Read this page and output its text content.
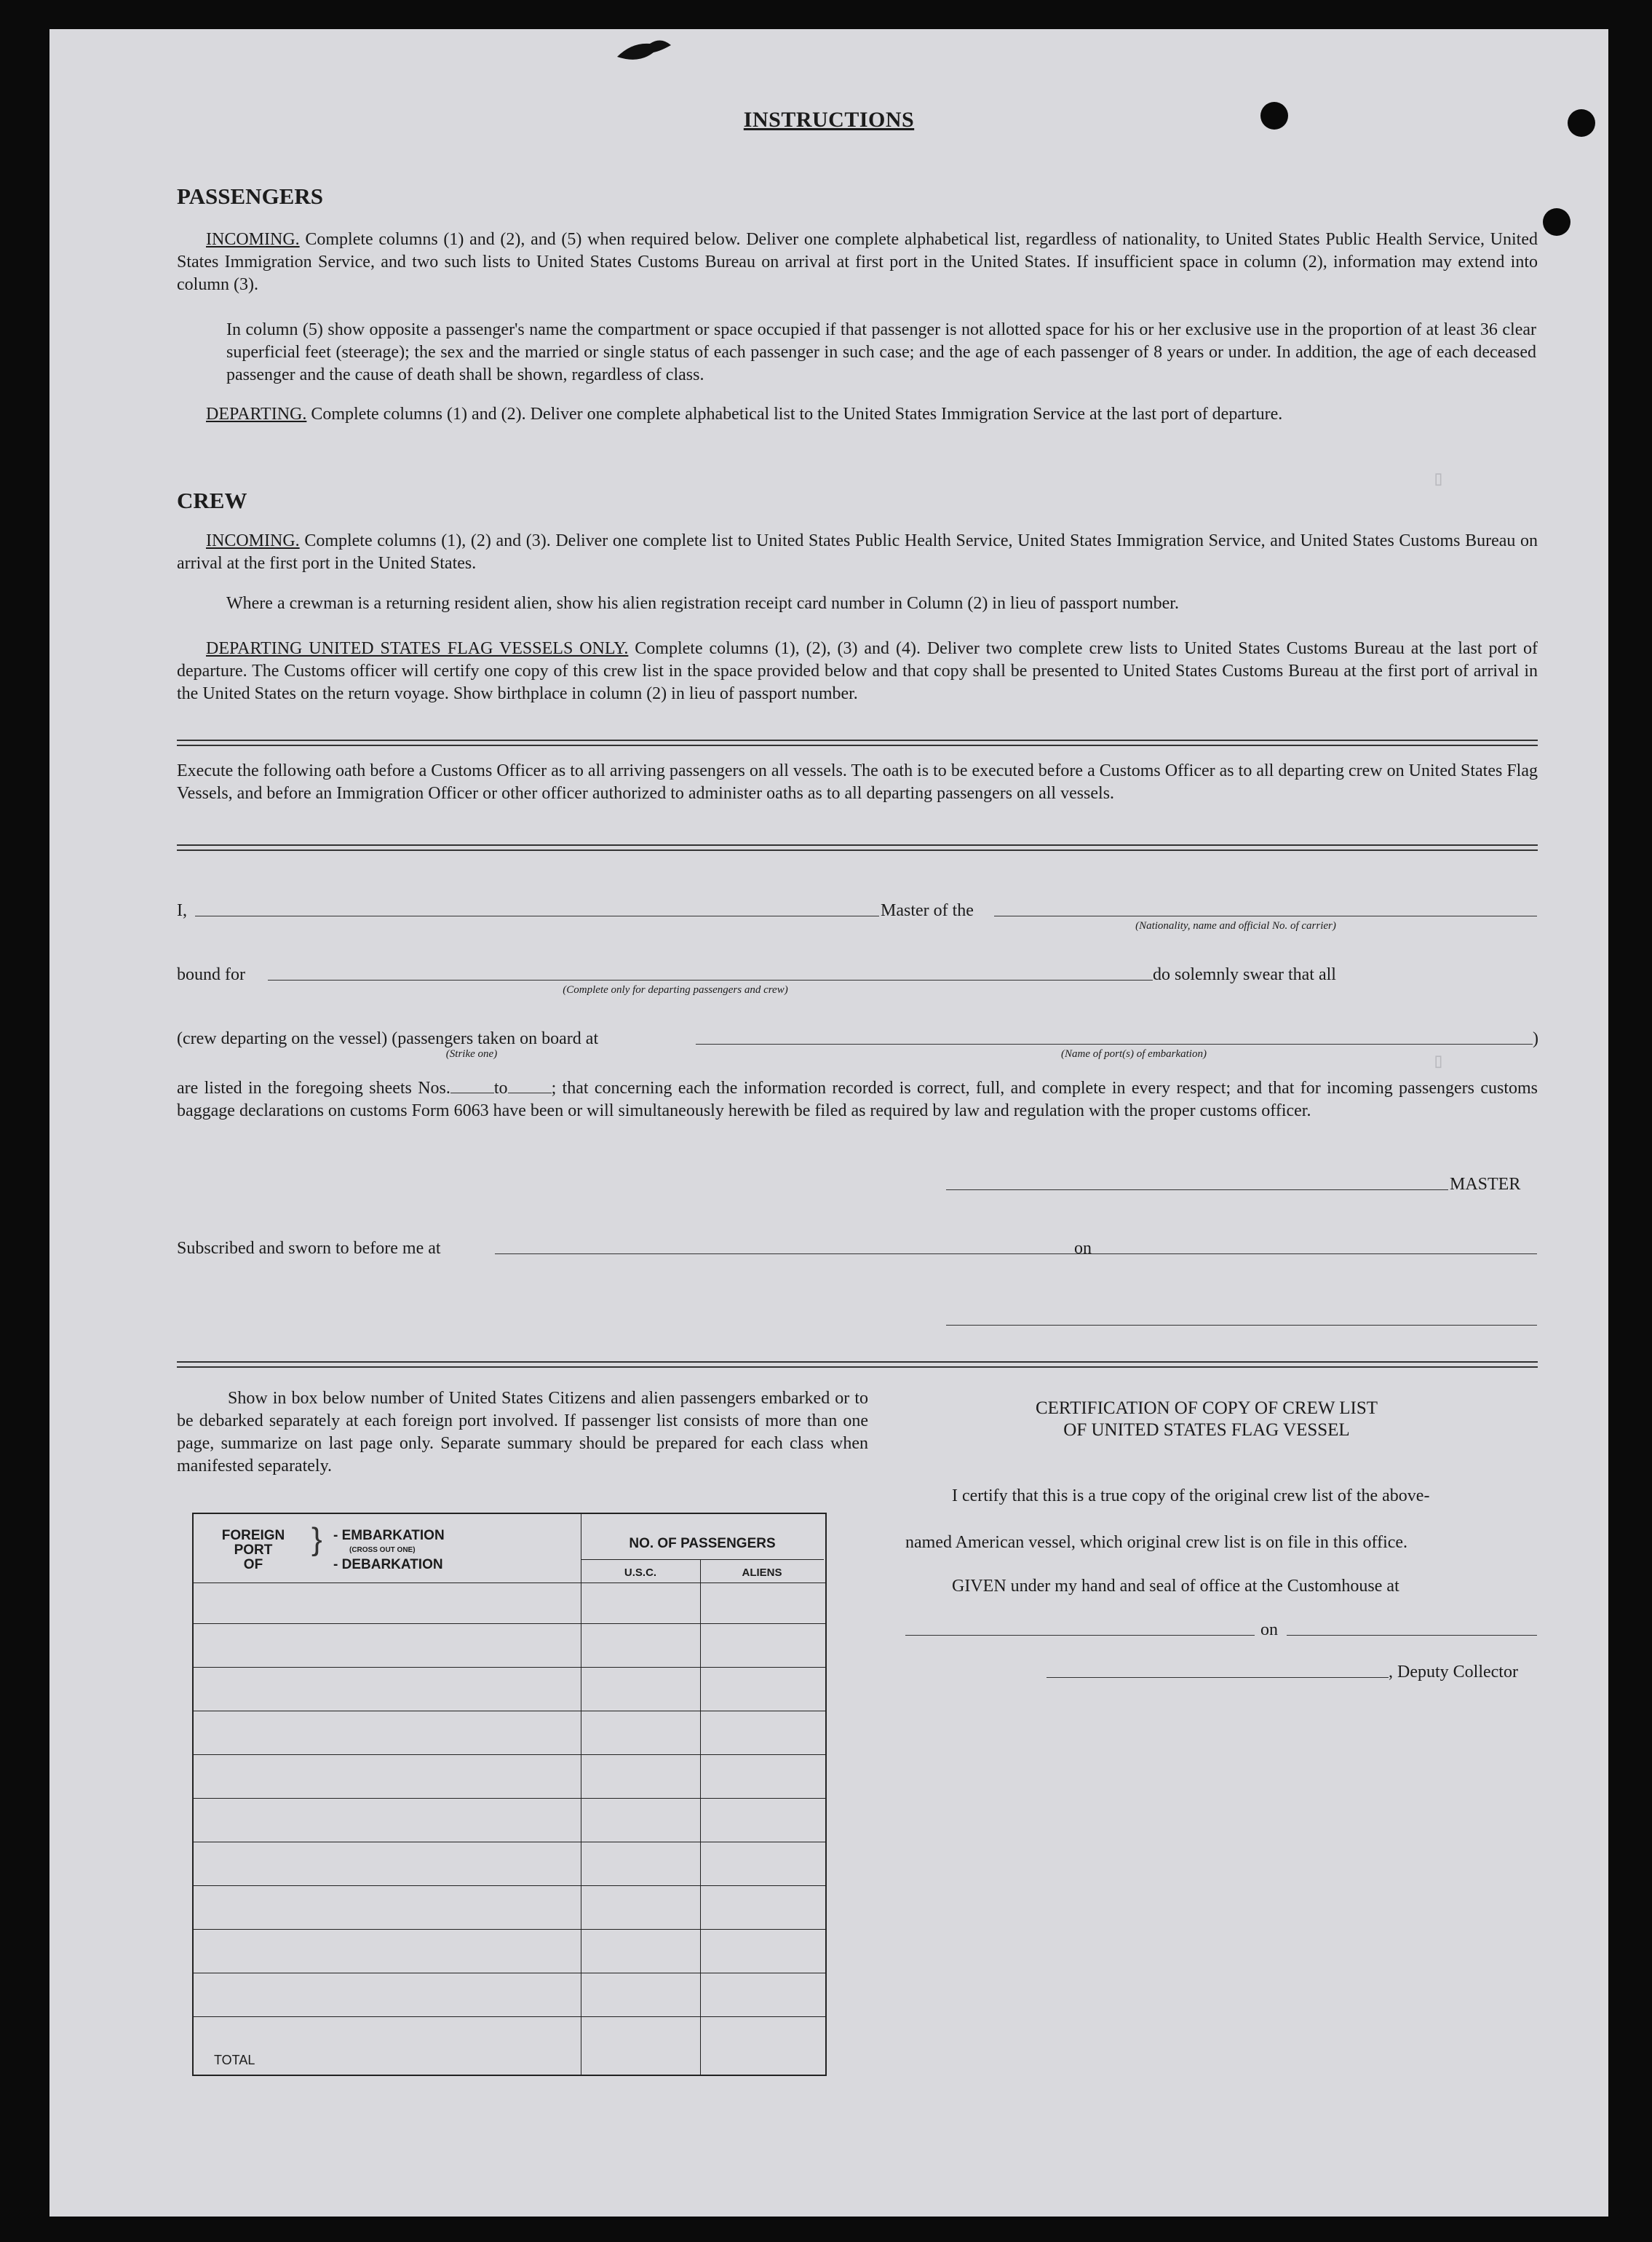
▯
▯
INSTRUCTIONS
PASSENGERS
INCOMING. Complete columns (1) and (2), and (5) when required below. Deliver one complete alphabetical list, regardless of nationality, to United States Public Health Service, United States Immigration Service, and two such lists to United States Customs Bureau on arrival at first port in the United States. If insufficient space in column (2), information may extend into column (3).
In column (5) show opposite a passenger's name the compartment or space occupied if that passenger is not allotted space for his or her exclusive use in the proportion of at least 36 clear superficial feet (steerage); the sex and the married or single status of each passenger in such case; and the age of each passenger of 8 years or under. In addition, the age of each deceased passenger and the cause of death shall be shown, regardless of class.
DEPARTING. Complete columns (1) and (2). Deliver one complete alphabetical list to the United States Immigration Service at the last port of departure.
CREW
INCOMING. Complete columns (1), (2) and (3). Deliver one complete list to United States Public Health Service, United States Immigration Service, and United States Customs Bureau on arrival at the first port in the United States.
Where a crewman is a returning resident alien, show his alien registration receipt card number in Column (2) in lieu of passport number.
DEPARTING UNITED STATES FLAG VESSELS ONLY. Complete columns (1), (2), (3) and (4). Deliver two complete crew lists to United States Customs Bureau at the last port of departure. The Customs officer will certify one copy of this crew list in the space provided below and that copy shall be presented to United States Customs Bureau at the first port of arrival in the United States on the return voyage. Show birthplace in column (2) in lieu of passport number.
Execute the following oath before a Customs Officer as to all arriving passengers on all vessels. The oath is to be executed before a Customs Officer as to all departing crew on United States Flag Vessels, and before an Immigration Officer or other officer authorized to administer oaths as to all departing passengers on all vessels.
I,	Master of the
(Nationality, name and official No. of carrier)
bound for
(Complete only for departing passengers and crew)
do solemnly swear that all
(crew departing on the vessel) (passengers taken on board at	)
(Strike one)	(Name of port(s) of embarkation)
are listed in the foregoing sheets Nos.	to	; that concerning each the information recorded is correct, full, and complete in every respect; and that for incoming passengers customs baggage declarations on customs Form 6063 have been or will simultaneously herewith be filed as required by law and regulation with the proper customs officer.
MASTER
Subscribed and sworn to before me at	on
Show in box below number of United States Citizens and alien passengers embarked or to be debarked separately at each foreign port involved. If passenger list consists of more than one page, summarize on last page only. Separate summary should be prepared for each class when manifested separately.
FOREIGN
PORT
OF
} - EMBARKATION
(CROSS OUT ONE)
- DEBARKATION
NO. OF PASSENGERS
U.S.C.	ALIENS
TOTAL
CERTIFICATION OF COPY OF CREW LIST
OF UNITED STATES FLAG VESSEL
I certify that this is a true copy of the original crew list of the above-
named American vessel, which original crew list is on file in this office.
GIVEN under my hand and seal of office at the Customhouse at
on
, Deputy Collector
